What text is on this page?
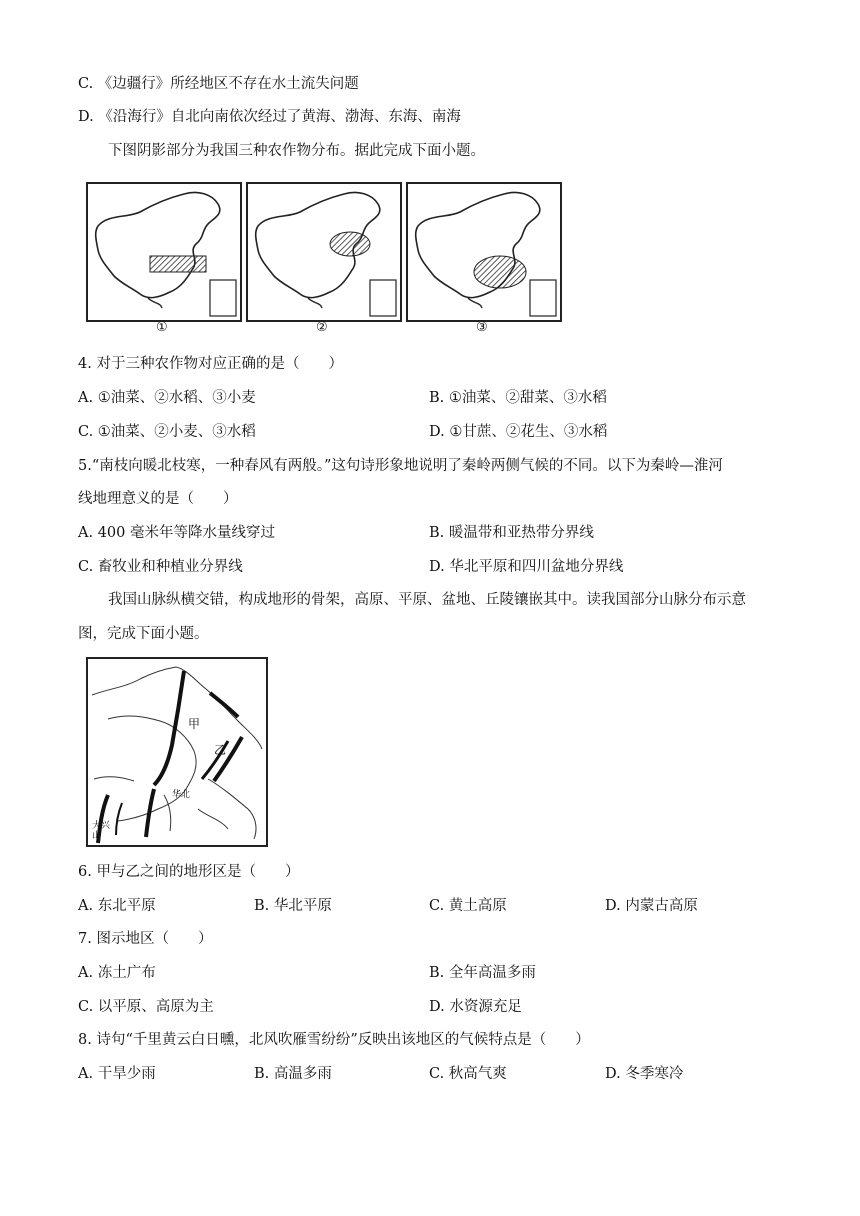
C. 《边疆行》所经地区不存在水土流失问题
D. 《沿海行》自北向南依次经过了黄海、渤海、东海、南海
下图阴影部分为我国三种农作物分布。据此完成下面小题。
①	②	③
4. 对于三种农作物对应正确的是（　　）
A. ①油菜、②水稻、③小麦	B. ①油菜、②甜菜、③水稻
C. ①油菜、②小麦、③水稻	D. ①甘蔗、②花生、③水稻
5.“南枝向暖北枝寒，一种春风有两般。”这句诗形象地说明了秦岭两侧气候的不同。以下为秦岭—淮河
线地理意义的是（　　）
A. 400 毫米年等降水量线穿过	B. 暖温带和亚热带分界线
C. 畜牧业和种植业分界线	D. 华北平原和四川盆地分界线
我国山脉纵横交错，构成地形的骨架，高原、平原、盆地、丘陵镶嵌其中。读我国部分山脉分布示意
图，完成下面小题。
甲
乙
华北
大兴山
6. 甲与乙之间的地形区是（　　）
A. 东北平原	B. 华北平原	C. 黄土高原	D. 内蒙古高原
7. 图示地区（　　）
A. 冻土广布	B. 全年高温多雨
C. 以平原、高原为主	D. 水资源充足
8. 诗句“千里黄云白日曛，北风吹雁雪纷纷”反映出该地区的气候特点是（　　）
A. 干旱少雨	B. 高温多雨	C. 秋高气爽	D. 冬季寒冷
